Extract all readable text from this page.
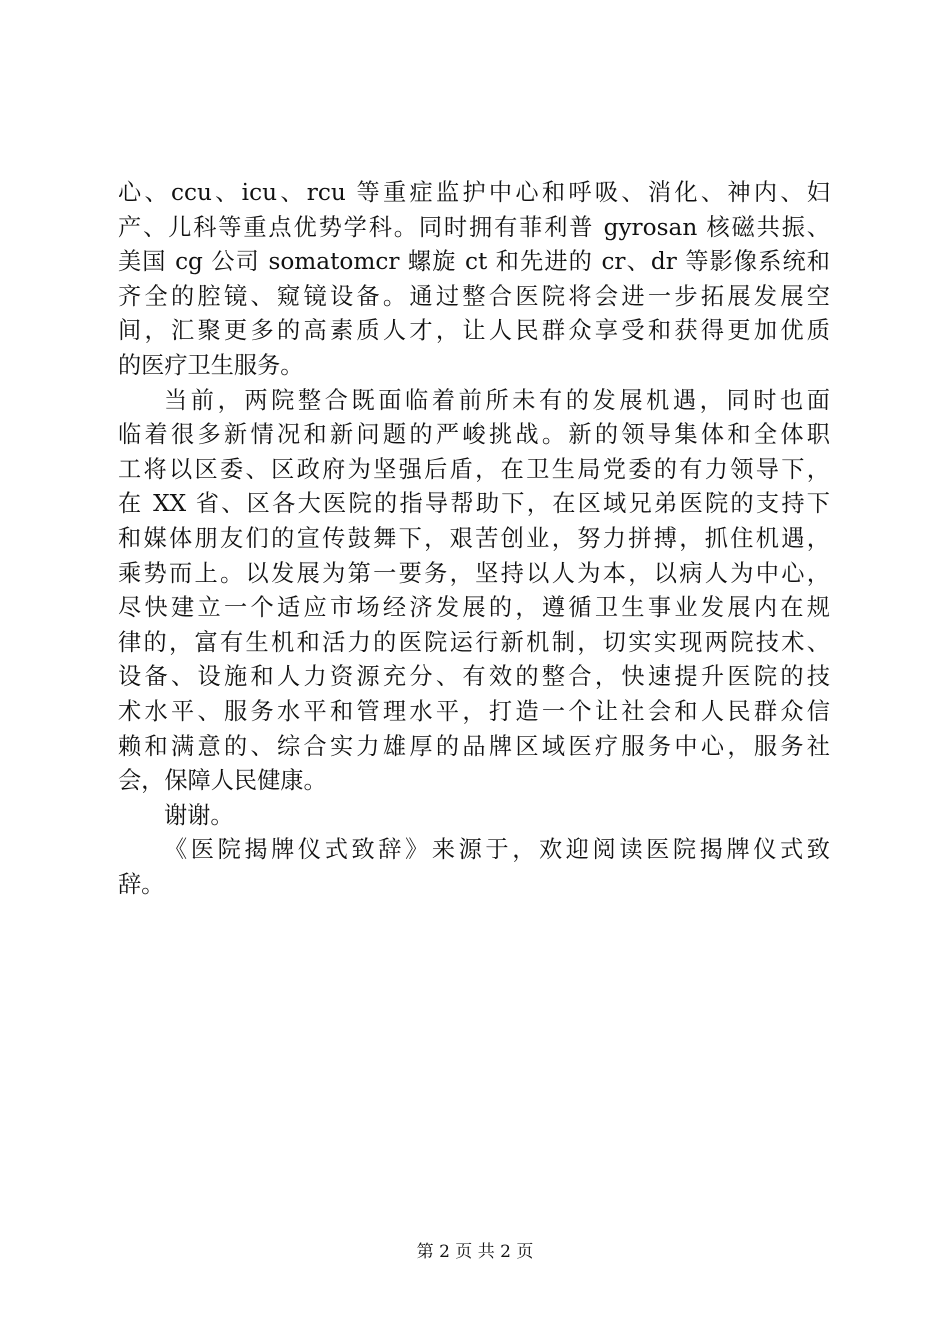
心、ccu、icu、rcu 等重症监护中心和呼吸、消化、神内、妇
产、儿科等重点优势学科。同时拥有菲利普 gyrosan 核磁共振、
美国 cg 公司 somatomcr 螺旋 ct 和先进的 cr、dr 等影像系统和
齐全的腔镜、窥镜设备。通过整合医院将会进一步拓展发展空
间，汇聚更多的高素质人才，让人民群众享受和获得更加优质
的医疗卫生服务。
当前，两院整合既面临着前所未有的发展机遇，同时也面
临着很多新情况和新问题的严峻挑战。新的领导集体和全体职
工将以区委、区政府为坚强后盾，在卫生局党委的有力领导下，
在 XX 省、区各大医院的指导帮助下，在区域兄弟医院的支持下
和媒体朋友们的宣传鼓舞下，艰苦创业，努力拼搏，抓住机遇，
乘势而上。以发展为第一要务，坚持以人为本，以病人为中心，
尽快建立一个适应市场经济发展的，遵循卫生事业发展内在规
律的，富有生机和活力的医院运行新机制，切实实现两院技术、
设备、设施和人力资源充分、有效的整合，快速提升医院的技
术水平、服务水平和管理水平，打造一个让社会和人民群众信
赖和满意的、综合实力雄厚的品牌区域医疗服务中心，服务社
会，保障人民健康。
谢谢。
《医院揭牌仪式致辞》来源于，欢迎阅读医院揭牌仪式致
辞。
第 2 页 共 2 页
